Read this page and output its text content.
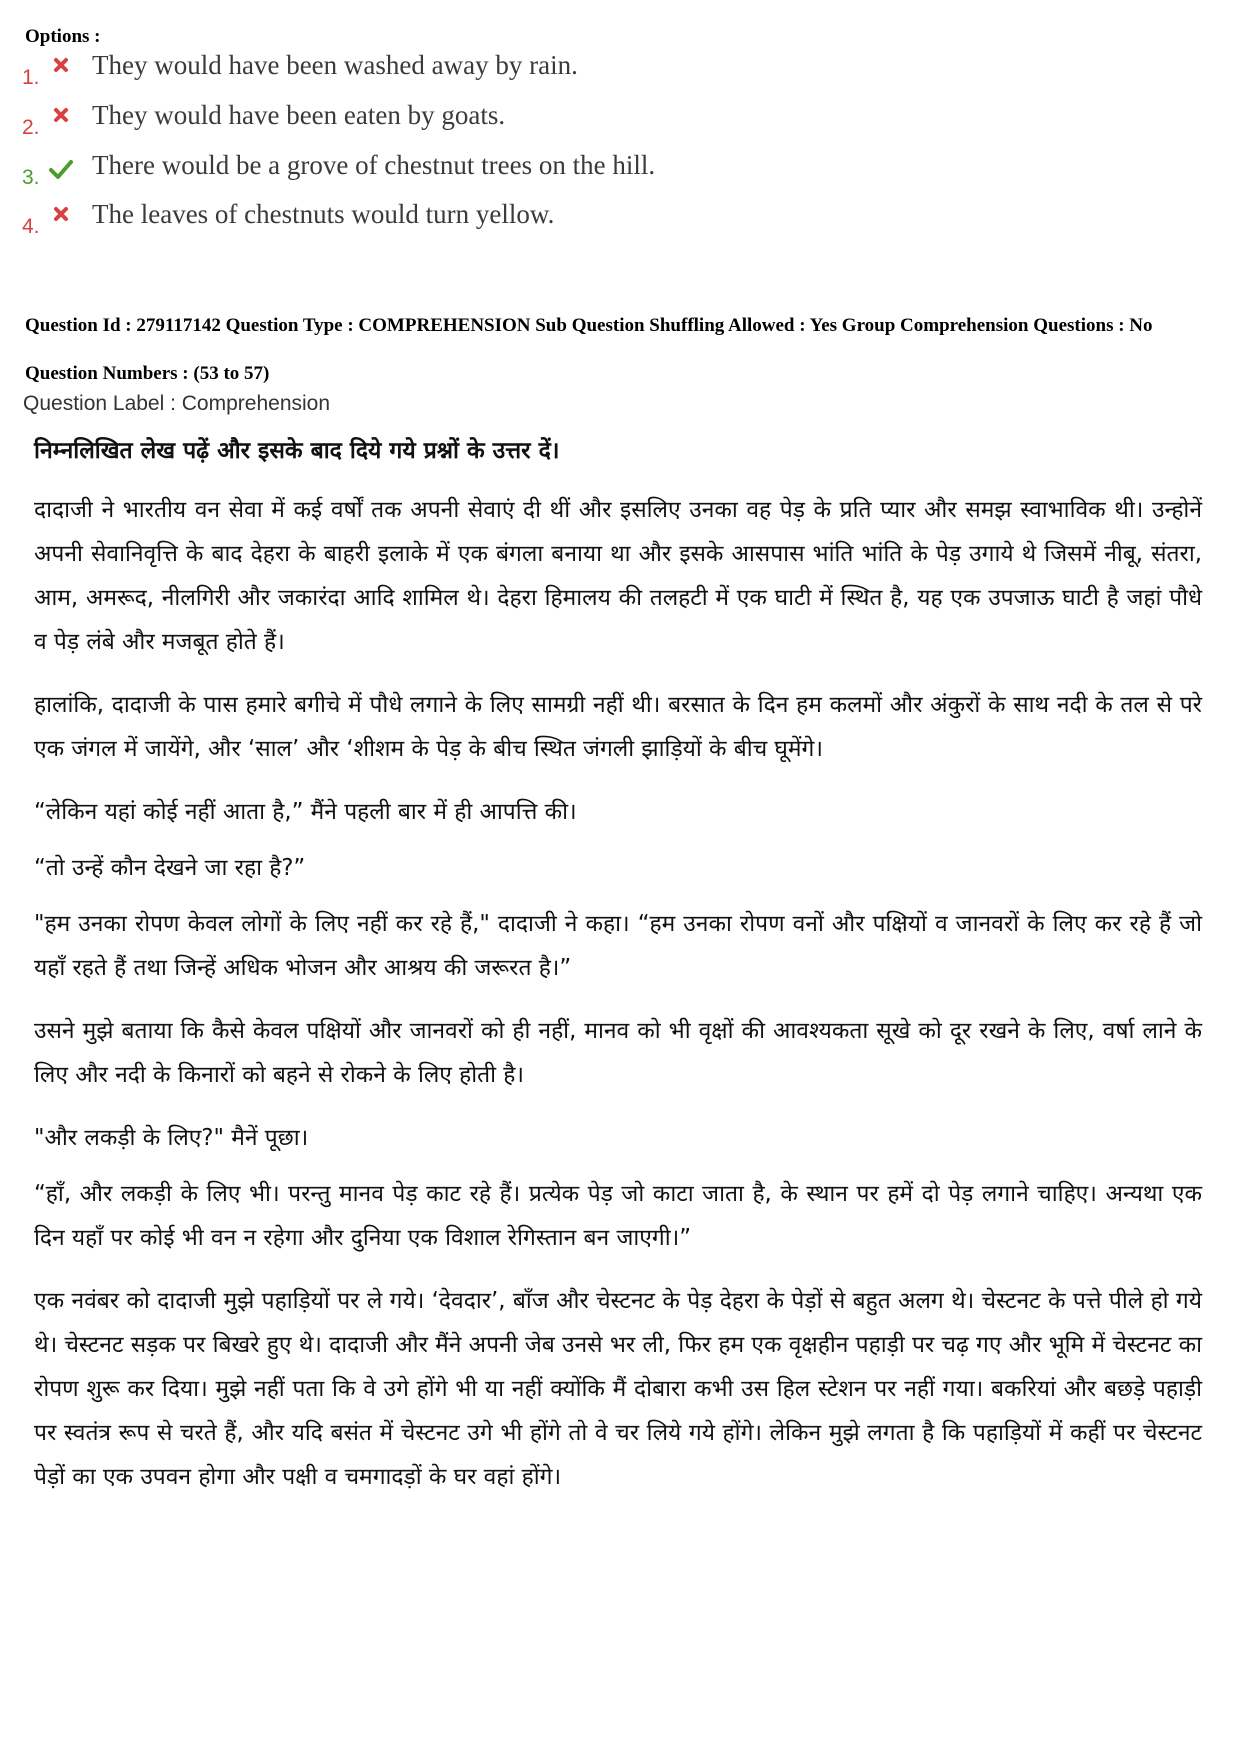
Options :
1. They would have been washed away by rain.
2. They would have been eaten by goats.
3. There would be a grove of chestnut trees on the hill.
4. The leaves of chestnuts would turn yellow.
Question Id : 279117142 Question Type : COMPREHENSION Sub Question Shuffling Allowed : Yes Group Comprehension Questions : No
Question Numbers : (53 to 57)
Question Label : Comprehension
निम्नलिखित लेख पढ़ें और इसके बाद दिये गये प्रश्नों के उत्तर दें।

दादाजी ने भारतीय वन सेवा में कई वर्षों तक अपनी सेवाएं दी थीं और इसलिए उनका वह पेड़ के प्रति प्यार और समझ स्वाभाविक थी। उन्होनें अपनी सेवानिवृत्ति के बाद देहरा के बाहरी इलाके में एक बंगला बनाया था और इसके आसपास भांति भांति के पेड़ उगाये थे जिसमें नीबू, संतरा, आम, अमरूद, नीलगिरी और जकारंदा आदि शामिल थे। देहरा हिमालय की तलहटी में एक घाटी में स्थित है, यह एक उपजाऊ घाटी है जहां पौधे व पेड़ लंबे और मजबूत होते हैं।

हालांकि, दादाजी के पास हमारे बगीचे में पौधे लगाने के लिए सामग्री नहीं थी। बरसात के दिन हम कलमों और अंकुरों के साथ नदी के तल से परे एक जंगल में जायेंगे, और ‘साल’ और ‘शीशम के पेड़ के बीच स्थित जंगली झाड़ियों के बीच घूमेंगे।

“लेकिन यहां कोई नहीं आता है,” मैंने पहली बार में ही आपत्ति की।

“तो उन्हें कौन देखने जा रहा है?”

"हम उनका रोपण केवल लोगों के लिए नहीं कर रहे हैं," दादाजी ने कहा। “हम उनका रोपण वनों और पक्षियों व जानवरों के लिए कर रहे हैं जो यहाँ रहते हैं तथा जिन्हें अधिक भोजन और आश्रय की जरूरत है।”

उसने मुझे बताया कि कैसे केवल पक्षियों और जानवरों को ही नहीं, मानव को भी वृक्षों की आवश्यकता सूखे को दूर रखने के लिए, वर्षा लाने के लिए और नदी के किनारों को बहने से रोकने के लिए होती है।

"और लकड़ी के लिए?" मैनें पूछा।

“हाँ, और लकड़ी के लिए भी। परन्तु मानव पेड़ काट रहे हैं। प्रत्येक पेड़ जो काटा जाता है, के स्थान पर हमें दो पेड़ लगाने चाहिए। अन्यथा एक दिन यहाँ पर कोई भी वन न रहेगा और दुनिया एक विशाल रेगिस्तान बन जाएगी।”

एक नवंबर को दादाजी मुझे पहाड़ियों पर ले गये। ‘देवदार’, बाँज और चेस्टनट के पेड़ देहरा के पेड़ों से बहुत अलग थे। चेस्टनट के पत्ते पीले हो गये थे। चेस्टनट सड़क पर बिखरे हुए थे। दादाजी और मैंने अपनी जेब उनसे भर ली, फिर हम एक वृक्षहीन पहाड़ी पर चढ़ गए और भूमि में चेस्टनट का रोपण शुरू कर दिया। मुझे नहीं पता कि वे उगे होंगे भी या नहीं क्योंकि मैं दोबारा कभी उस हिल स्टेशन पर नहीं गया। बकरियां और बछड़े पहाड़ी पर स्वतंत्र रूप से चरते हैं, और यदि बसंत में चेस्टनट उगे भी होंगे तो वे चर लिये गये होंगे। लेकिन मुझे लगता है कि पहाड़ियों में कहीं पर चेस्टनट पेड़ों का एक उपवन होगा और पक्षी व चमगादड़ों के घर वहां होंगे।
